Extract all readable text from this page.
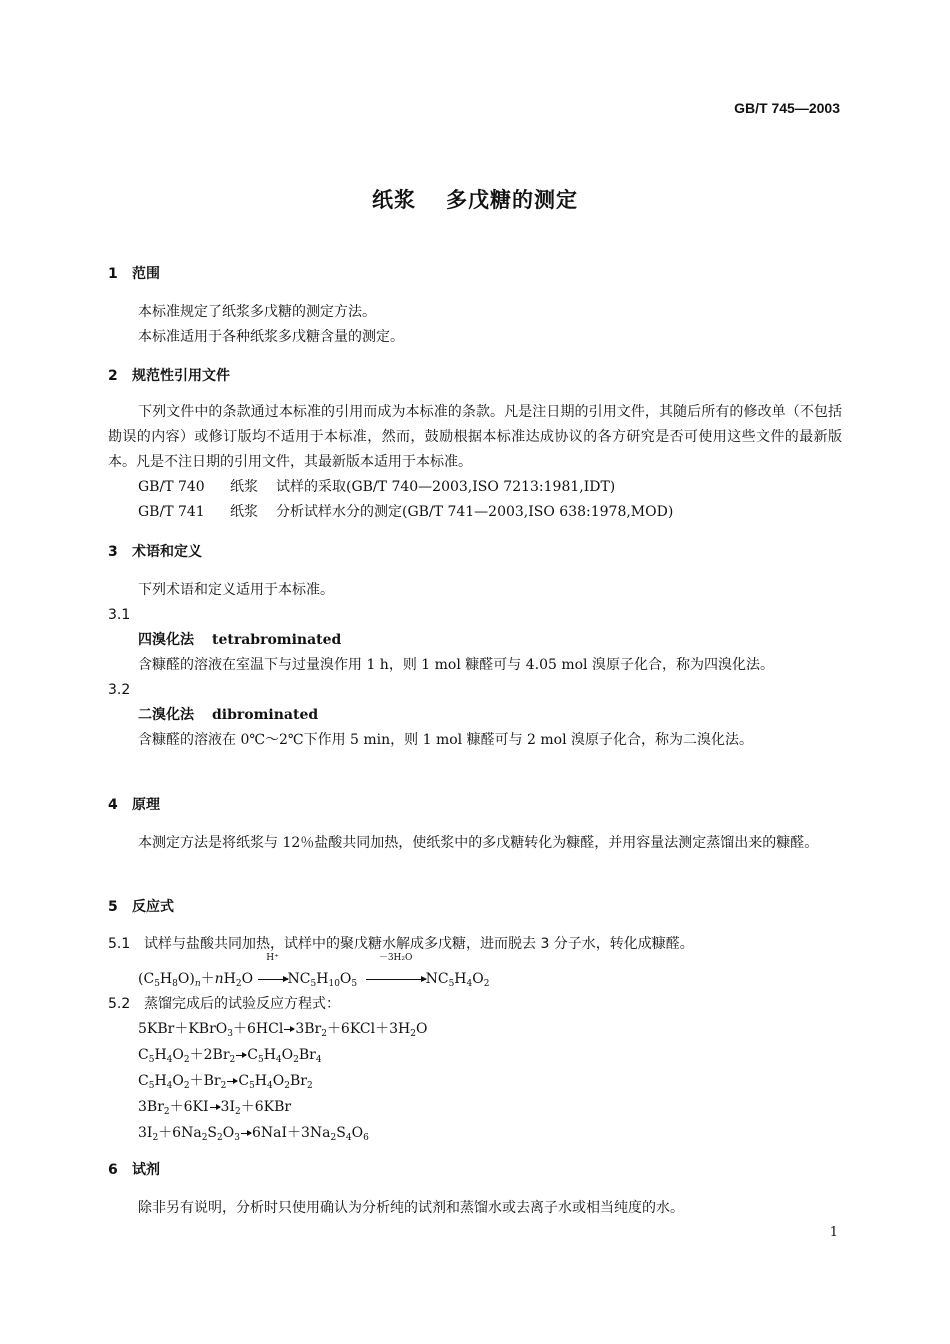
GB/T 745—2003
纸浆 多戊糖的测定
1 范围
本标准规定了纸浆多戊糖的测定方法。
本标准适用于各种纸浆多戊糖含量的测定。
2 规范性引用文件
下列文件中的条款通过本标准的引用而成为本标准的条款。凡是注日期的引用文件，其随后所有的修改单（不包括勘误的内容）或修订版均不适用于本标准，然而，鼓励根据本标准达成协议的各方研究是否可使用这些文件的最新版本。凡是不注日期的引用文件，其最新版本适用于本标准。
GB/T 740 纸浆 试样的采取(GB/T 740—2003,ISO 7213:1981,IDT)
GB/T 741 纸浆 分析试样水分的测定(GB/T 741—2003,ISO 638:1978,MOD)
3 术语和定义
下列术语和定义适用于本标准。
3.1
四溴化法 tetrabrominated
含糠醛的溶液在室温下与过量溴作用 1 h，则 1 mol 糠醛可与 4.05 mol 溴原子化合，称为四溴化法。
3.2
二溴化法 dibrominated
含糠醛的溶液在 0℃～2℃下作用 5 min，则 1 mol 糠醛可与 2 mol 溴原子化合，称为二溴化法。
4 原理
本测定方法是将纸浆与 12％盐酸共同加热，使纸浆中的多戊糖转化为糠醛，并用容量法测定蒸馏出来的糠醛。
5 反应式
5.1 试样与盐酸共同加热，试样中的聚戊糖水解成多戊糖，进而脱去 3 分子水，转化成糠醛。
$(C_5H_8O)_n+nH_2O$
H⁺
$NC_5H_{10}O_5$
－3H₂O
$NC_5H_4O_2$
5.2 蒸馏完成后的试验反应方程式：
5KBr＋KBrO$_3$＋6HCl $3Br_2+6KCl+3H_2O$
$C_5H_4O_2+2Br_2$ $C_5H_4O_2Br_4$
$C_5H_4O_2+Br_2$ $C_5H_4O_2Br_2$
$3Br_2+6KI$ $3I_2+6KBr$
$3I_2+6Na_2S_2O_3$ $6NaI+3Na_2S_4O_6$
6 试剂
除非另有说明，分析时只使用确认为分析纯的试剂和蒸馏水或去离子水或相当纯度的水。
1
